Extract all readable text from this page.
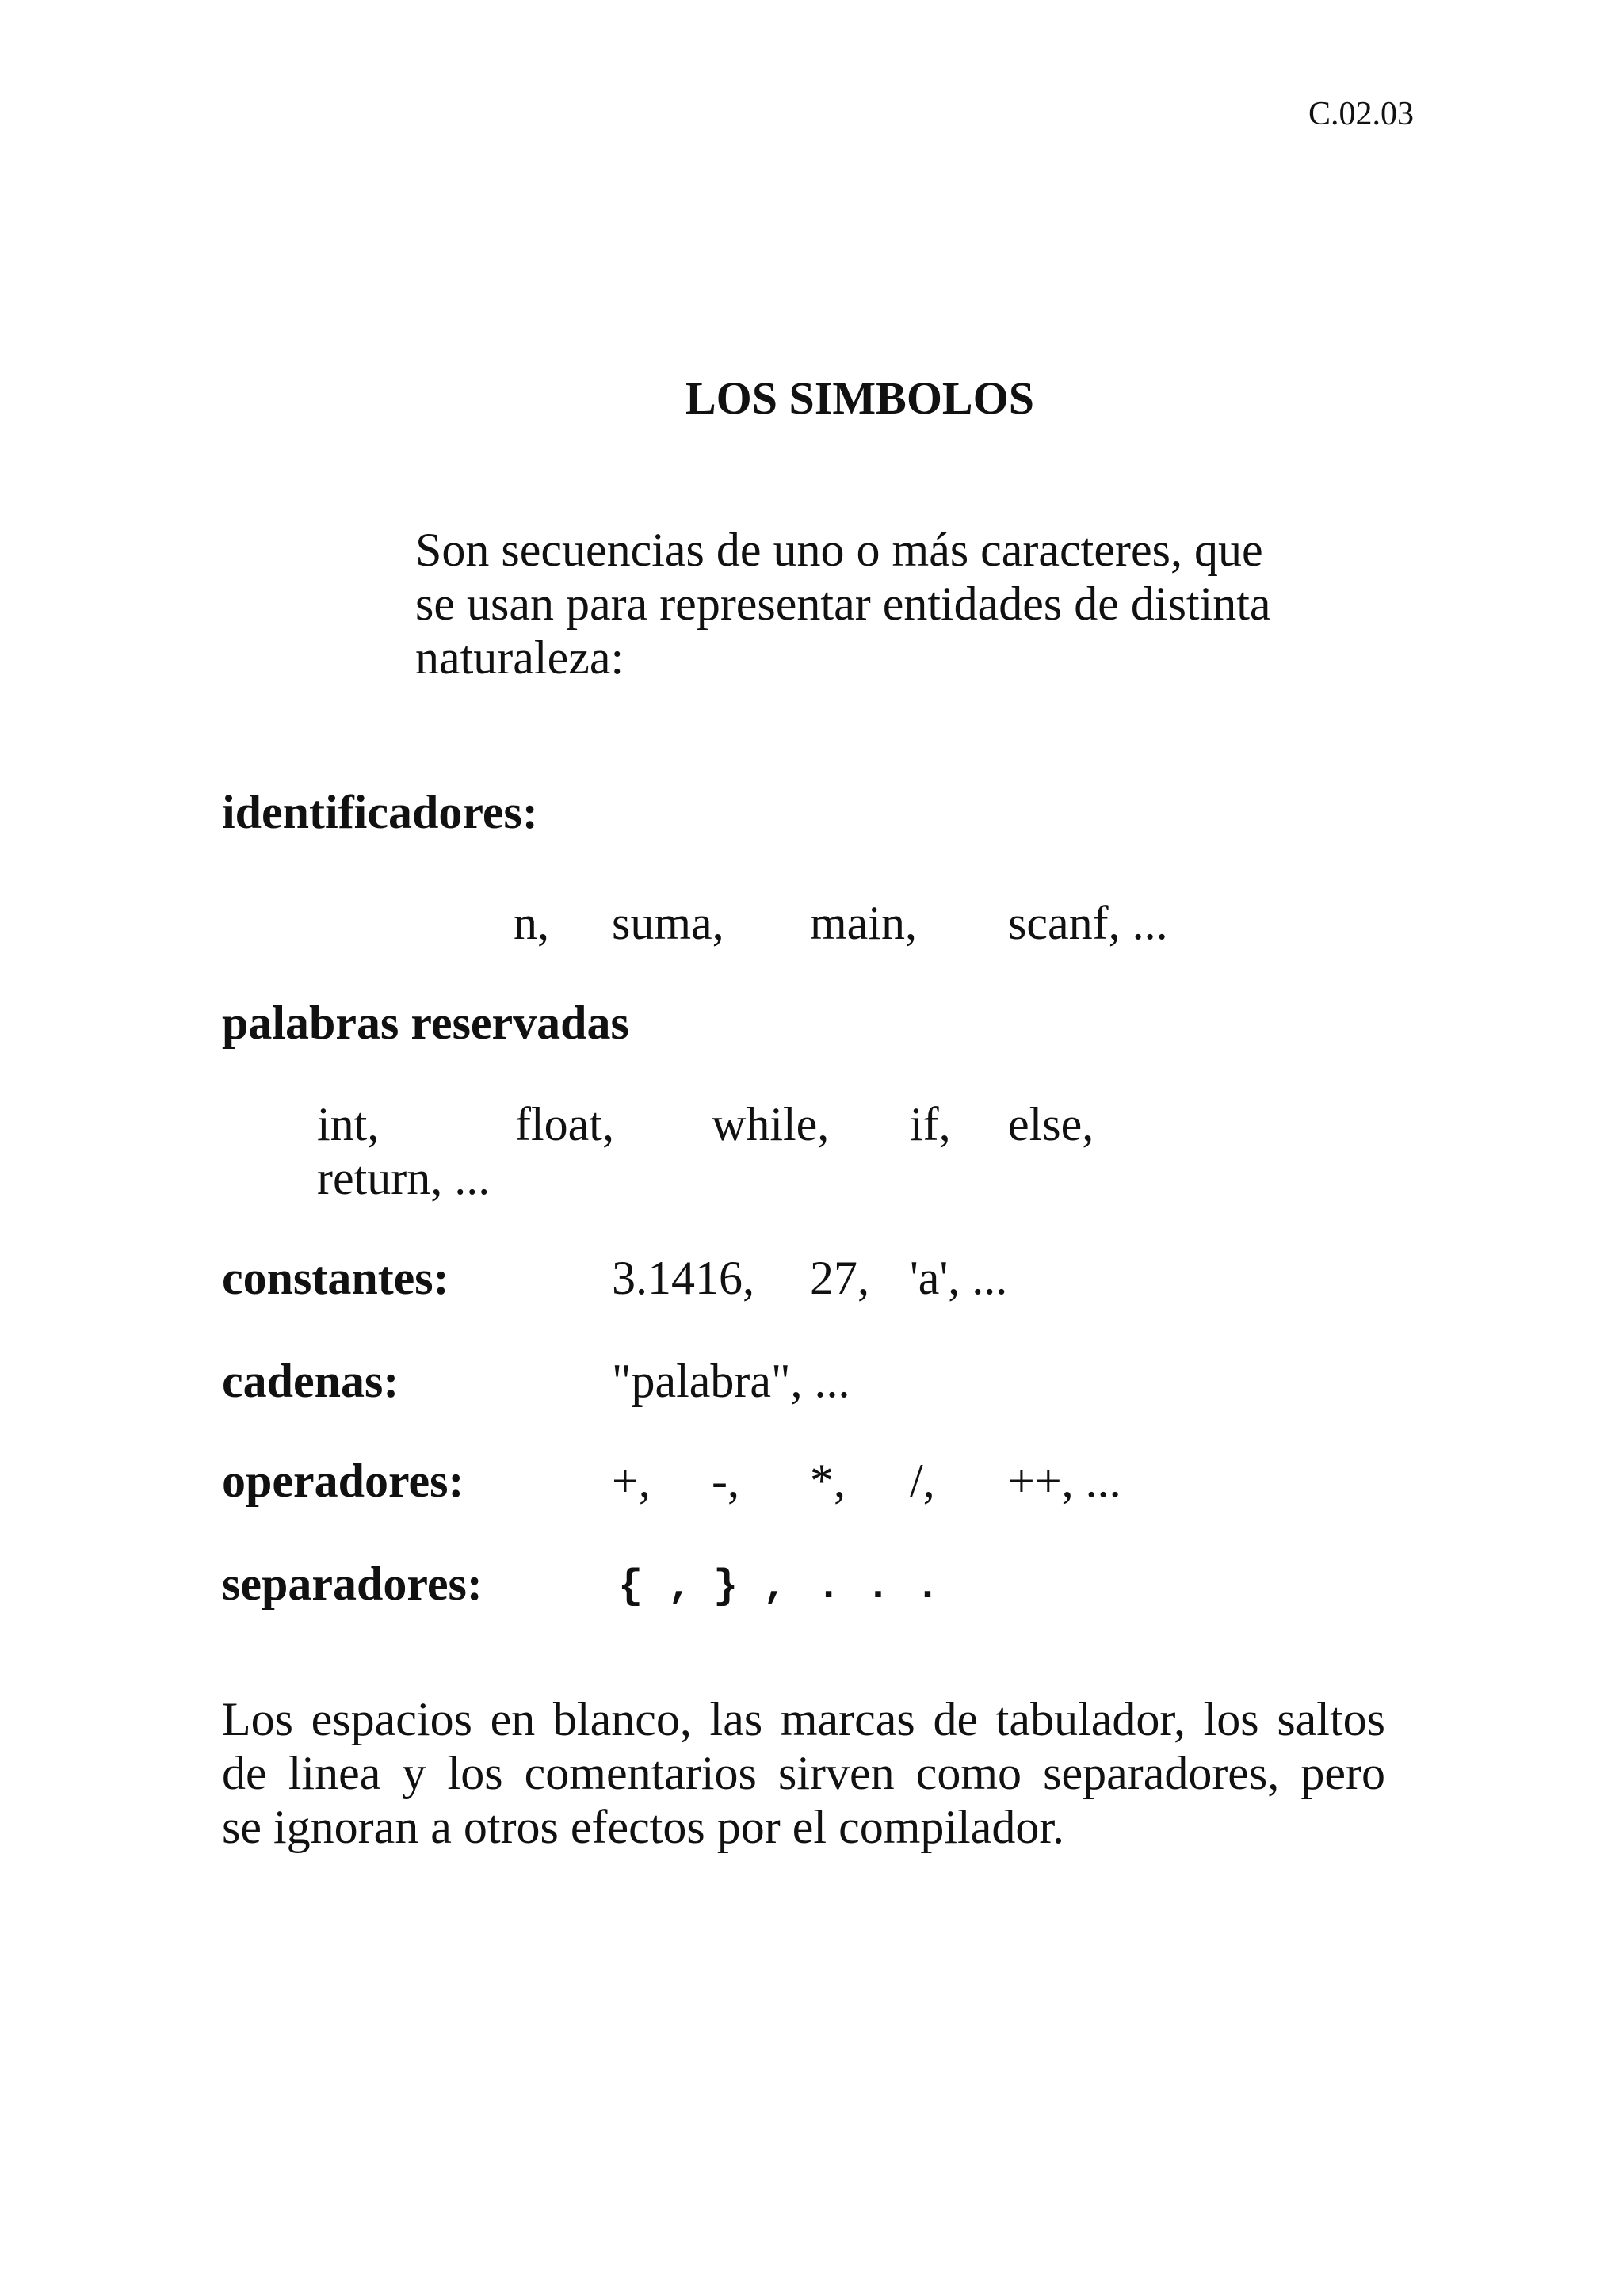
C.02.03
LOS SIMBOLOS
Son secuencias de uno o más caracteres, que
se usan para representar entidades de distinta
naturaleza:
identificadores:
n, suma, main, scanf, ...
palabras reservadas
int,	float, while, if, else,
return, ...
constantes:	3.1416, 27, 'a', ...
cadenas:	"palabra", ...
operadores:	+, -, *, /, ++, ...
separadores:	{ , } , . . .
Los espacios en blanco, las marcas de tabulador, los saltos
de linea y los comentarios sirven como separadores, pero
se ignoran a otros efectos por el compilador.
